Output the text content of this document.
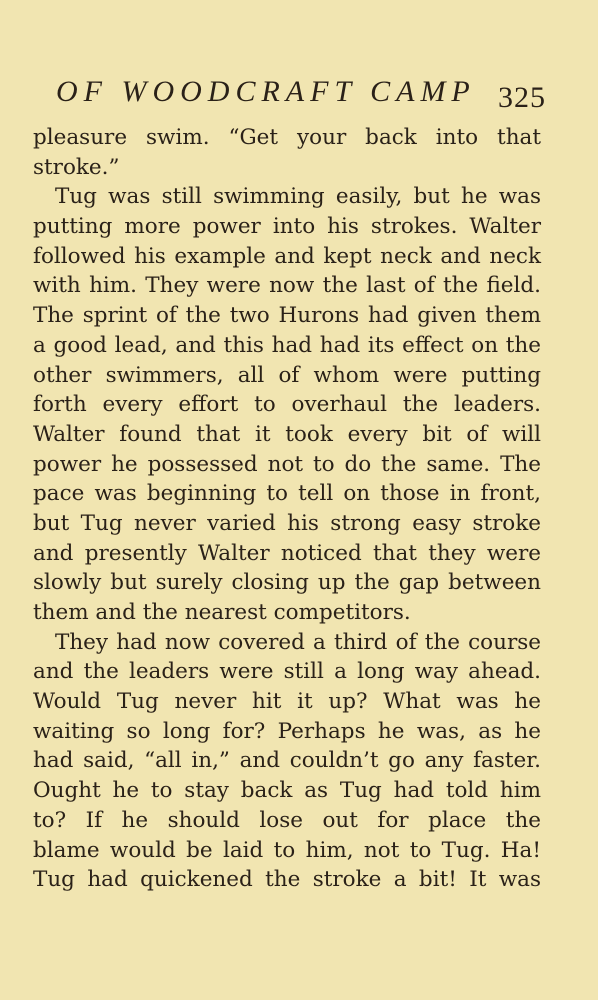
OF WOODCRAFT CAMP 325
pleasure swim. “Get your back into that
stroke.”
Tug was still swimming easily, but he was
putting more power into his strokes. Walter
followed his example and kept neck and neck
with him. They were now the last of the field.
The sprint of the two Hurons had given them
a good lead, and this had had its effect on the
other swimmers, all of whom were putting
forth every effort to overhaul the leaders.
Walter found that it took every bit of will
power he possessed not to do the same. The
pace was beginning to tell on those in front,
but Tug never varied his strong easy stroke
and presently Walter noticed that they were
slowly but surely closing up the gap between
them and the nearest competitors.
They had now covered a third of the course
and the leaders were still a long way ahead.
Would Tug never hit it up? What was he
waiting so long for? Perhaps he was, as he
had said, “all in,” and couldn’t go any faster.
Ought he to stay back as Tug had told him
to? If he should lose out for place the
blame would be laid to him, not to Tug. Ha!
Tug had quickened the stroke a bit! It was
